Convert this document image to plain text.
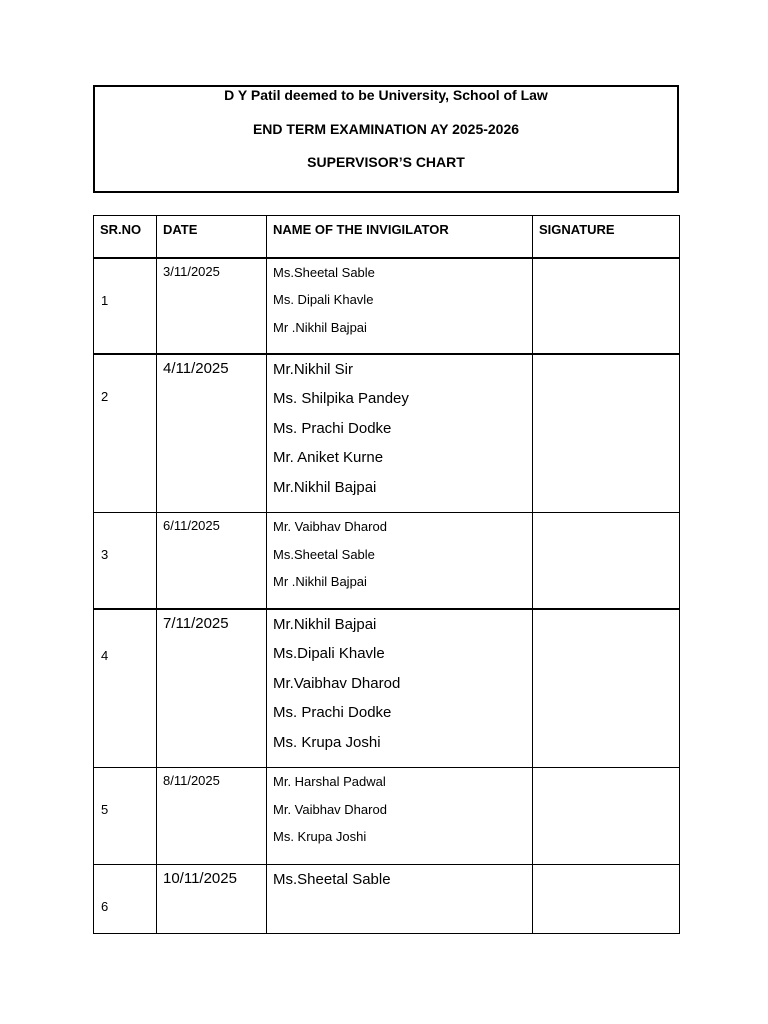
D Y Patil deemed to be University, School of Law
END TERM EXAMINATION AY 2025-2026
SUPERVISOR’S CHART
SR.NO	DATE	NAME OF THE INVIGILATOR	SIGNATURE

1	3/11/2025	Ms.Sheetal Sable
Ms. Dipali Khavle
Mr .Nikhil Bajpai	

2	4/11/2025	Mr.Nikhil Sir
Ms. Shilpika Pandey
Ms. Prachi Dodke
Mr. Aniket Kurne
Mr.Nikhil Bajpai	

3	6/11/2025	Mr. Vaibhav Dharod
Ms.Sheetal Sable
Mr .Nikhil Bajpai	

4	7/11/2025	Mr.Nikhil Bajpai
Ms.Dipali Khavle
Mr.Vaibhav Dharod
Ms. Prachi Dodke
Ms. Krupa Joshi	

5	8/11/2025	Mr. Harshal Padwal
Mr. Vaibhav Dharod
Ms. Krupa Joshi	

6	10/11/2025	Ms.Sheetal Sable	
